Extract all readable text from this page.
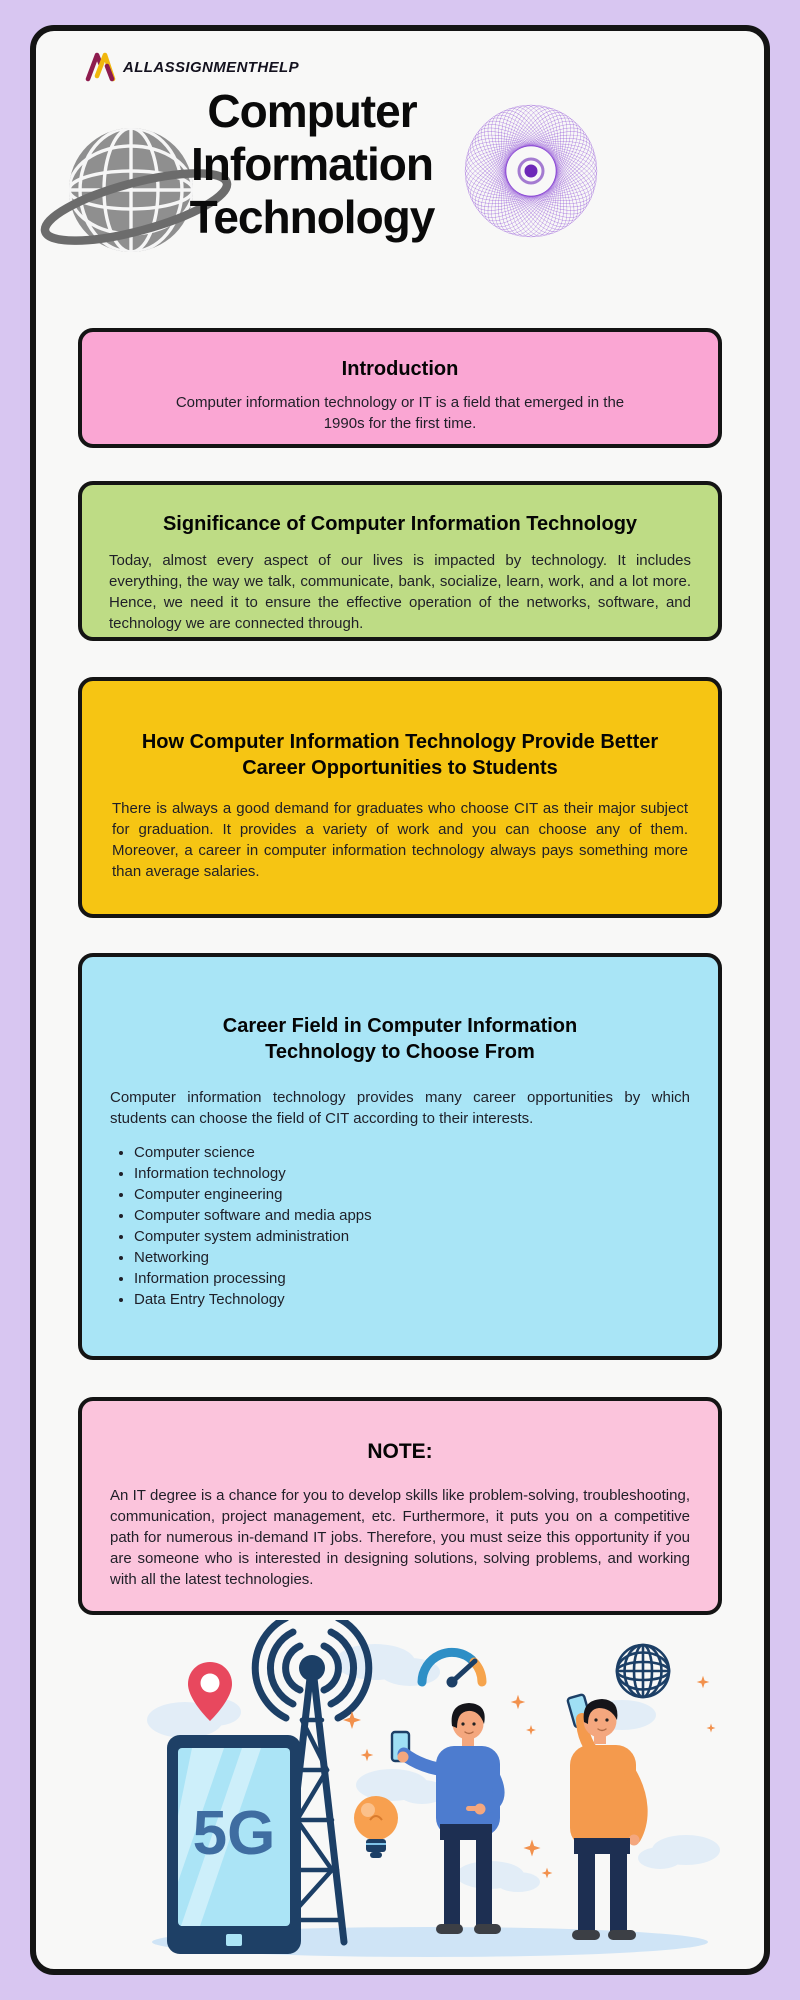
ALLASSIGNMENTHELP
Computer
Information
Technology
Introduction

Computer information technology or IT is a field that emerged in the 1990s for the first time.

Significance of Computer Information Technology

Today, almost every aspect of our lives is impacted by technology. It includes everything, the way we talk, communicate, bank, socialize, learn, work, and a lot more. Hence, we need it to ensure the effective operation of the networks, software, and technology we are connected through.

How Computer Information Technology Provide Better Career Opportunities to Students

There is always a good demand for graduates who choose CIT as their major subject for graduation. It provides a variety of work and you can choose any of them. Moreover, a career in computer information technology always pays something more than average salaries.

Career Field in Computer Information Technology to Choose From

Computer information technology provides many career opportunities by which students can choose the field of CIT according to their interests.

• Computer science
• Information technology
• Computer engineering
• Computer software and media apps
• Computer system administration
• Networking
• Information processing
• Data Entry Technology
NOTE:

An IT degree is a chance for you to develop skills like problem-solving, troubleshooting, communication, project management, etc. Furthermore, it puts you on a competitive path for numerous in-demand IT jobs. Therefore, you must seize this opportunity if you are someone who is interested in designing solutions, solving problems, and working with all the latest technologies.

5G
